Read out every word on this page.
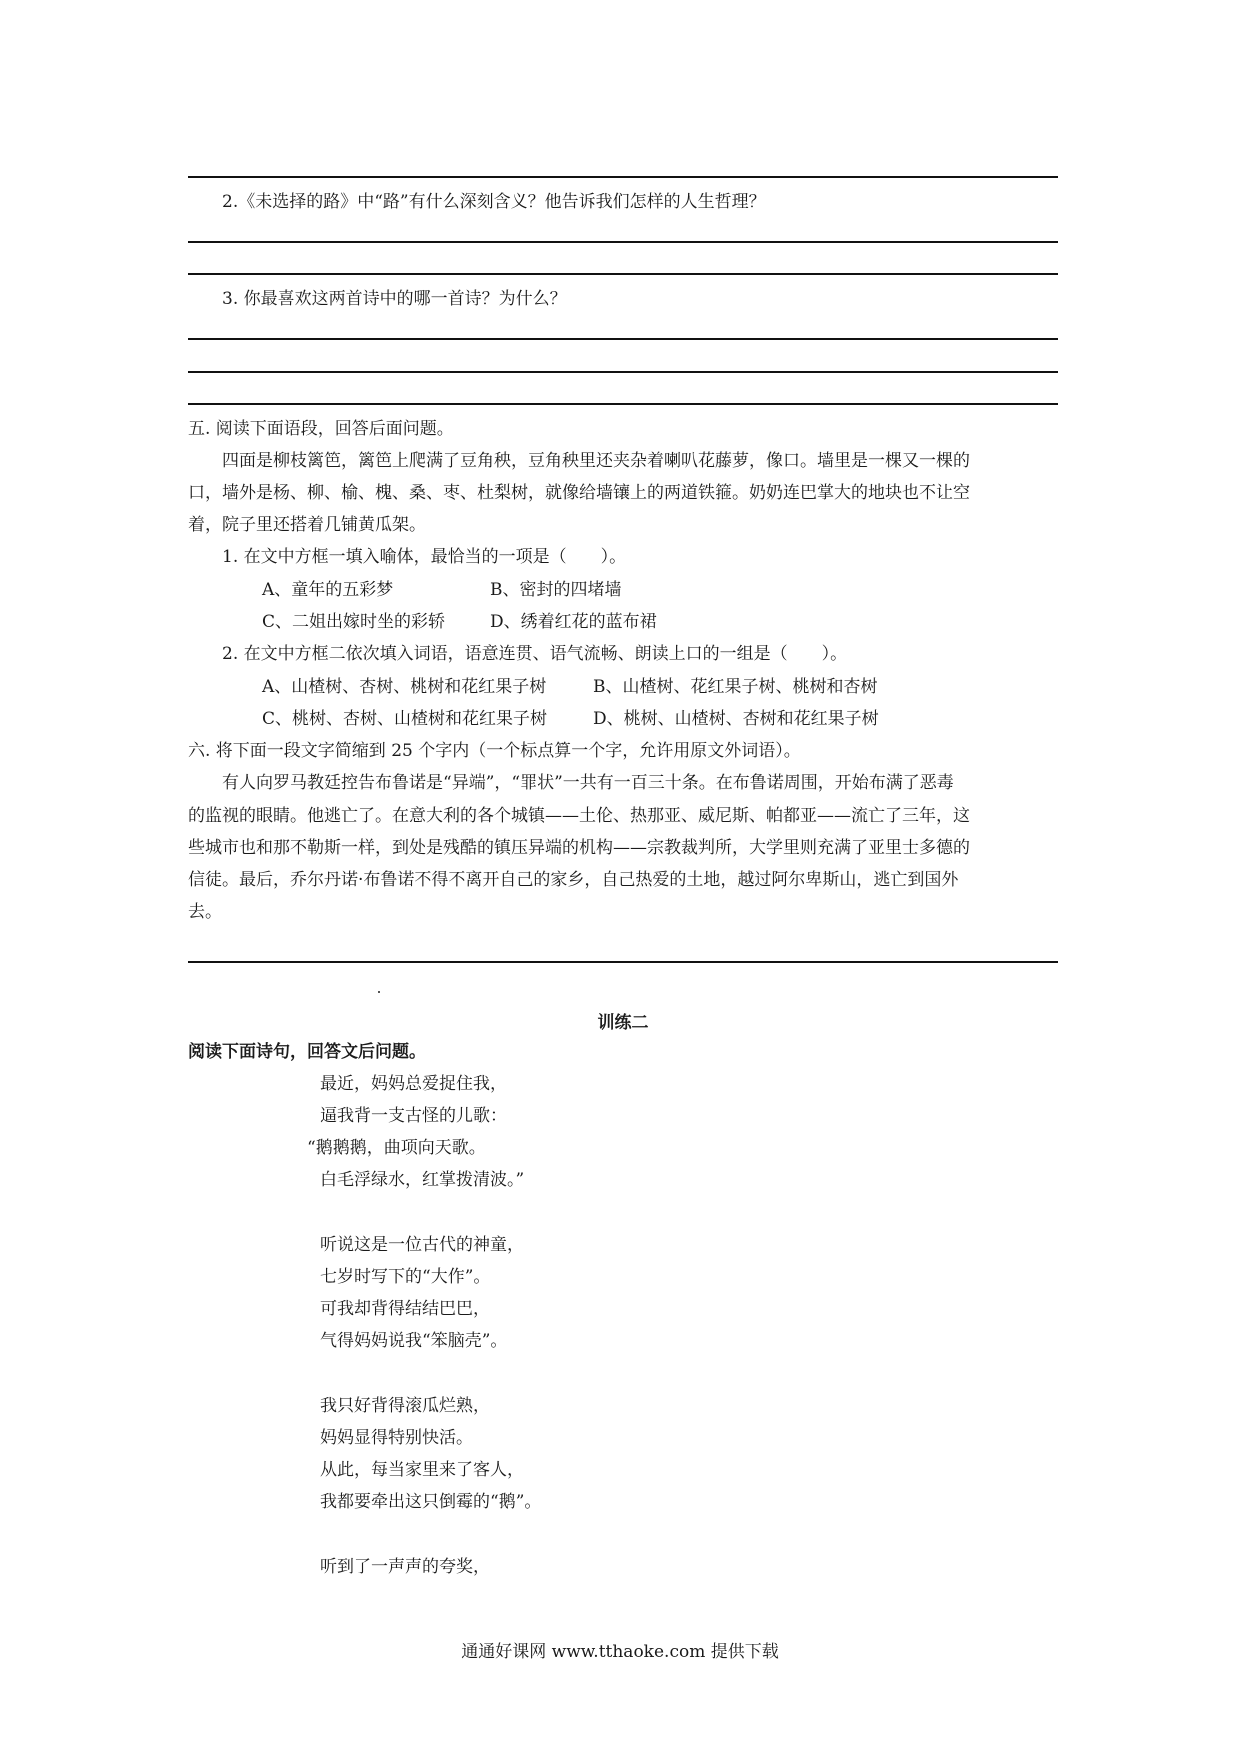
2.《未选择的路》中“路”有什么深刻含义？他告诉我们怎样的人生哲理？
3. 你最喜欢这两首诗中的哪一首诗？为什么？
五. 阅读下面语段，回答后面问题。
四面是柳枝篱笆，篱笆上爬满了豆角秧，豆角秧里还夹杂着喇叭花藤萝，像口。墙里是一棵又一棵的
口，墙外是杨、柳、榆、槐、桑、枣、杜梨树，就像给墙镶上的两道铁箍。奶奶连巴掌大的地块也不让空
着，院子里还搭着几铺黄瓜架。
1. 在文中方框一填入喻体，最恰当的一项是（　　）。
A、童年的五彩梦	B、密封的四堵墙
C、二姐出嫁时坐的彩轿	D、绣着红花的蓝布裙
2. 在文中方框二依次填入词语，语意连贯、语气流畅、朗读上口的一组是（　　）。
A、山楂树、杏树、桃树和花红果子树	B、山楂树、花红果子树、桃树和杏树
C、桃树、杏树、山楂树和花红果子树	D、桃树、山楂树、杏树和花红果子树
六. 将下面一段文字简缩到 25 个字内（一个标点算一个字，允许用原文外词语）。
有人向罗马教廷控告布鲁诺是“异端”，“罪状”一共有一百三十条。在布鲁诺周围，开始布满了恶毒
的监视的眼睛。他逃亡了。在意大利的各个城镇——土伦、热那亚、威尼斯、帕都亚——流亡了三年，这
些城市也和那不勒斯一样，到处是残酷的镇压异端的机构——宗教裁判所，大学里则充满了亚里士多德的
信徒。最后，乔尔丹诺·布鲁诺不得不离开自己的家乡，自己热爱的土地，越过阿尔卑斯山，逃亡到国外
去。
训练二
阅读下面诗句，回答文后问题。
最近，妈妈总爱捉住我，
逼我背一支古怪的儿歌：
“鹅鹅鹅，曲项向天歌。
白毛浮绿水，红掌拨清波。”
听说这是一位古代的神童，
七岁时写下的“大作”。
可我却背得结结巴巴，
气得妈妈说我“笨脑壳”。
我只好背得滚瓜烂熟，
妈妈显得特别快活。
从此，每当家里来了客人，
我都要牵出这只倒霉的“鹅”。
听到了一声声的夸奖，
通通好课网 www.tthaoke.com 提供下载
